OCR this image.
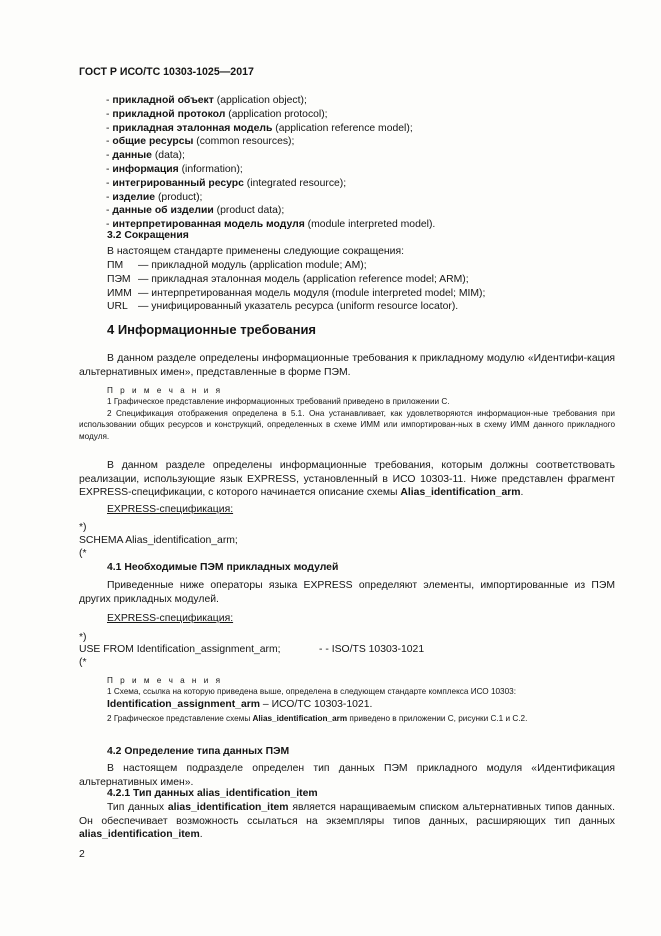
ГОСТ Р ИСО/ТС 10303-1025—2017
- прикладной объект (application object);
- прикладной протокол (application protocol);
- прикладная эталонная модель (application reference model);
- общие ресурсы (common resources);
- данные (data);
- информация (information);
- интегрированный ресурс (integrated resource);
- изделие (product);
- данные об изделии (product data);
- интерпретированная модель модуля (module interpreted model).
3.2 Сокращения
В настоящем стандарте применены следующие сокращения:
ПМ — прикладной модуль (application module; AM);
ПЭМ — прикладная эталонная модель (application reference model; ARM);
ИММ — интерпретированная модель модуля (module interpreted model; MIM);
URL — унифицированный указатель ресурса (uniform resource locator).
4 Информационные требования
В данном разделе определены информационные требования к прикладному модулю «Идентифи-кация альтернативных имен», представленные в форме ПЭМ.
П р и м е ч а н и я

1 Графическое представление информационных требований приведено в приложении С.

2 Спецификация отображения определена в 5.1. Она устанавливает, как удовлетворяются информацион-ные требования при использовании общих ресурсов и конструкций, определенных в схеме ИММ или импортирован-ных в схему ИММ данного прикладного модуля.

В данном разделе определены информационные требования, которым должны соответствовать реализации, использующие язык EXPRESS, установленный в ИСО 10303-11. Ниже представлен фрагмент EXPRESS-спецификации, с которого начинается описание схемы Alias_identification_arm.
EXPRESS-спецификация:
*)
SCHEMA Alias_identification_arm;
(*
4.1 Необходимые ПЭМ прикладных модулей
Приведенные ниже операторы языка EXPRESS определяют элементы, импортированные из ПЭМ других прикладных модулей.
EXPRESS-спецификация:
*)
USE FROM Identification_assignment_arm;	- - ISO/TS 10303-1021
(*
П р и м е ч а н и я
1 Схема, ссылка на которую приведена выше, определена в следующем стандарте комплекса ИСО 10303:
Identification_assignment_arm – ИСО/ТС 10303-1021.
2 Графическое представление схемы Alias_identification_arm приведено в приложении С, рисунки С.1 и С.2.
4.2 Определение типа данных ПЭМ
В настоящем подразделе определен тип данных ПЭМ прикладного модуля «Идентификация альтернативных имен».
4.2.1 Тип данных alias_identification_item
Тип данных alias_identification_item является наращиваемым списком альтернативных типов данных. Он обеспечивает возможность ссылаться на экземпляры типов данных, расширяющих тип данных alias_identification_item.
2
